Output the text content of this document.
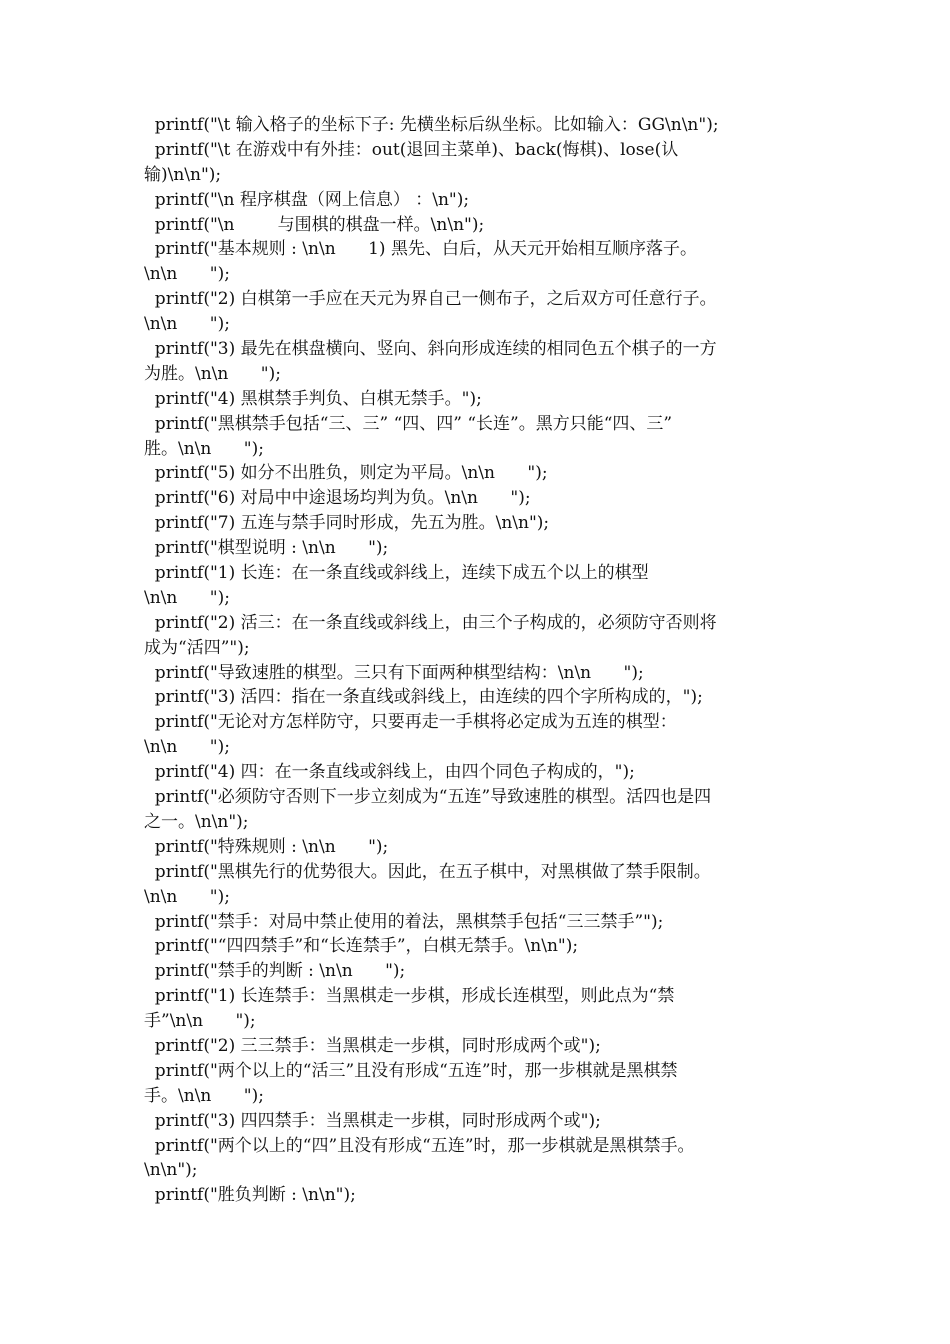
printf("\t 输入格子的坐标下子: 先横坐标后纵坐标。比如输入：GG\n\n");
printf("\t 在游戏中有外挂：out(退回主菜单)、back(悔棋)、lose(认
输)\n\n");
printf("\n 程序棋盘（网上信息） ：\n");
printf("\n        与围棋的棋盘一样。\n\n");
printf("基本规则 : \n\n      1) 黑先、白后，从天元开始相互顺序落子。
\n\n      ");
printf("2) 白棋第一手应在天元为界自己一侧布子，之后双方可任意行子。
\n\n      ");
printf("3) 最先在棋盘横向、竖向、斜向形成连续的相同色五个棋子的一方
为胜。\n\n      ");
printf("4) 黑棋禁手判负、白棋无禁手。");
printf("黑棋禁手包括“三、三” “四、四” “长连”。黑方只能“四、三”
胜。\n\n      ");
printf("5) 如分不出胜负，则定为平局。\n\n      ");
printf("6) 对局中中途退场均判为负。\n\n      ");
printf("7) 五连与禁手同时形成，先五为胜。\n\n");
printf("棋型说明 : \n\n      ");
printf("1) 长连：在一条直线或斜线上，连续下成五个以上的棋型
\n\n      ");
printf("2) 活三：在一条直线或斜线上，由三个子构成的，必须防守否则将
成为“活四”");
printf("导致速胜的棋型。三只有下面两种棋型结构：\n\n      ");
printf("3) 活四：指在一条直线或斜线上，由连续的四个字所构成的，");
printf("无论对方怎样防守，只要再走一手棋将必定成为五连的棋型：
\n\n      ");
printf("4) 四：在一条直线或斜线上，由四个同色子构成的，");
printf("必须防守否则下一步立刻成为“五连”导致速胜的棋型。活四也是四
之一。\n\n");
printf("特殊规则 : \n\n      ");
printf("黑棋先行的优势很大。因此，在五子棋中，对黑棋做了禁手限制。
\n\n      ");
printf("禁手：对局中禁止使用的着法，黑棋禁手包括“三三禁手”");
printf("“四四禁手”和“长连禁手”，白棋无禁手。\n\n");
printf("禁手的判断 : \n\n      ");
printf("1) 长连禁手：当黑棋走一步棋，形成长连棋型，则此点为“禁
手”\n\n      ");
printf("2) 三三禁手：当黑棋走一步棋，同时形成两个或");
printf("两个以上的“活三”且没有形成“五连”时，那一步棋就是黑棋禁
手。\n\n      ");
printf("3) 四四禁手：当黑棋走一步棋，同时形成两个或");
printf("两个以上的“四”且没有形成“五连”时，那一步棋就是黑棋禁手。
\n\n");
printf("胜负判断 : \n\n");
